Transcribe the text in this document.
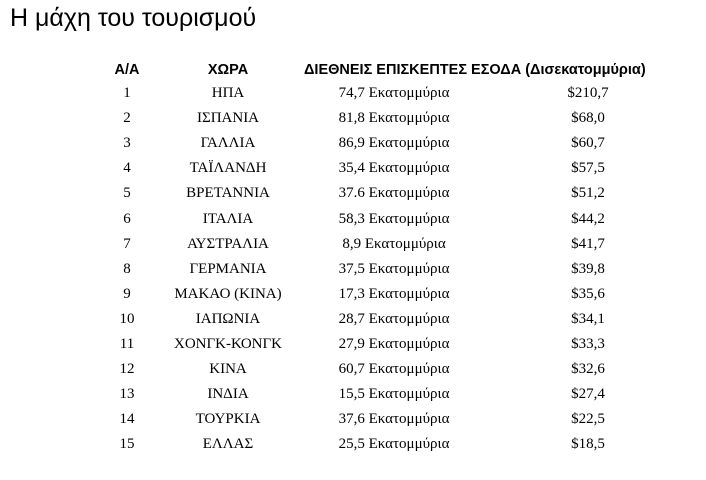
Η μάχη του τουρισμού
Α/Α	ΧΩΡΑ	ΔΙΕΘΝΕΙΣ ΕΠΙΣΚΕΠΤΕΣ ΕΣΟΔΑ (Δισεκατομμύρια)
1	ΗΠΑ	74,7 Εκατομμύρια	$210,7
2	ΙΣΠΑΝΙΑ	81,8 Εκατομμύρια	$68,0
3	ΓΑΛΛΙΑ	86,9 Εκατομμύρια	$60,7
4	ΤΑΪΛΑΝΔΗ	35,4 Εκατομμύρια	$57,5
5	ΒΡΕΤΑΝΝΙΑ	37.6 Εκατομμύρια	$51,2
6	ΙΤΑΛΙΑ	58,3 Εκατομμύρια	$44,2
7	ΑΥΣΤΡΑΛΙΑ	8,9 Εκατομμύρια	$41,7
8	ΓΕΡΜΑΝΙΑ	37,5 Εκατομμύρια	$39,8
9	ΜΑΚΑΟ (ΚΙΝΑ)	17,3 Εκατομμύρια	$35,6
10	ΙΑΠΩΝΙΑ	28,7 Εκατομμύρια	$34,1
11	ΧΟΝΓΚ-ΚΟΝΓΚ	27,9 Εκατομμύρια	$33,3
12	ΚΙΝΑ	60,7 Εκατομμύρια	$32,6
13	ΙΝΔΙΑ	15,5 Εκατομμύρια	$27,4
14	ΤΟΥΡΚΙΑ	37,6 Εκατομμύρια	$22,5
15	ΕΛΛΑΣ	25,5 Εκατομμύρια	$18,5
